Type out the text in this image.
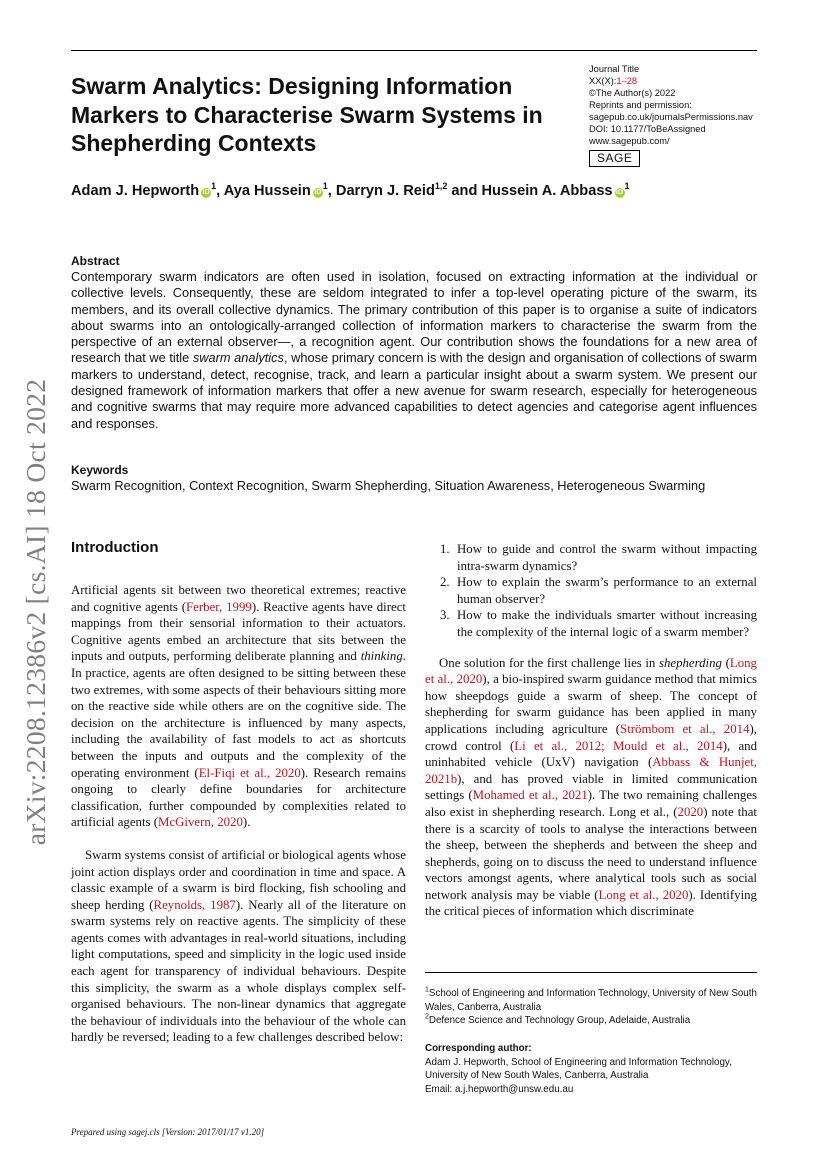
Swarm Analytics: Designing Information Markers to Characterise Swarm Systems in Shepherding Contexts
Journal Title
XX(X):1–28
©The Author(s) 2022
Reprints and permission:
sagepub.co.uk/journalsPermissions.nav
DOI: 10.1177/ToBeAssigned
www.sagepub.com/
SAGE
Adam J. Hepworth $iD^1$, Aya Hussein $iD^1$, Darryn J. Reid$^{1,2}$ and Hussein A. Abbass $iD^1$
Abstract

Contemporary swarm indicators are often used in isolation, focused on extracting information at the individual or collective levels. Consequently, these are seldom integrated to infer a top-level operating picture of the swarm, its members, and its overall collective dynamics. The primary contribution of this paper is to organise a suite of indicators about swarms into an ontologically-arranged collection of information markers to characterise the swarm from the perspective of an external observer—, a recognition agent. Our contribution shows the foundations for a new area of research that we title swarm analytics, whose primary concern is with the design and organisation of collections of swarm markers to understand, detect, recognise, track, and learn a particular insight about a swarm system. We present our designed framework of information markers that offer a new avenue for swarm research, especially for heterogeneous and cognitive swarms that may require more advanced capabilities to detect agencies and categorise agent influences and responses.

Keywords

Swarm Recognition, Context Recognition, Swarm Shepherding, Situation Awareness, Heterogeneous Swarming

arXiv:2208.12386v2 [cs.AI] 18 Oct 2022 Introduction

Artificial agents sit between two theoretical extremes; reactive and cognitive agents (Ferber, 1999). Reactive agents have direct mappings from their sensorial information to their actuators. Cognitive agents embed an architecture that sits between the inputs and outputs, performing deliberate planning and thinking. In practice, agents are often designed to be sitting between these two extremes, with some aspects of their behaviours sitting more on the reactive side while others are on the cognitive side. The decision on the architecture is influenced by many aspects, including the availability of fast models to act as shortcuts between the inputs and outputs and the complexity of the operating environment (El-Fiqi et al., 2020). Research remains ongoing to clearly define boundaries for architecture classification, further compounded by complexities related to artificial agents (McGivern, 2020).

Swarm systems consist of artificial or biological agents whose joint action displays order and coordination in time and space. A classic example of a swarm is bird flocking, fish schooling and sheep herding (Reynolds, 1987). Nearly all of the literature on swarm systems rely on reactive agents. The simplicity of these agents comes with advantages in real-world situations, including light computations, speed and simplicity in the logic used inside each agent for transparency of individual behaviours. Despite this simplicity, the swarm as a whole displays complex self-organised behaviours. The non-linear dynamics that aggregate the behaviour of individuals into the behaviour of the whole can hardly be reversed; leading to a few challenges described below:

1. How to guide and control the swarm without impacting intra-swarm dynamics?
2. How to explain the swarm’s performance to an external human observer?
3. How to make the individuals smarter without increasing the complexity of the internal logic of a swarm member?

One solution for the first challenge lies in shepherding (Long et al., 2020), a bio-inspired swarm guidance method that mimics how sheepdogs guide a swarm of sheep. The concept of shepherding for swarm guidance has been applied in many applications including agriculture (Strömbom et al., 2014), crowd control (Li et al., 2012; Mould et al., 2014), and uninhabited vehicle (UxV) navigation (Abbass & Hunjet, 2021b), and has proved viable in limited communication settings (Mohamed et al., 2021). The two remaining challenges also exist in shepherding research. Long et al., (2020) note that there is a scarcity of tools to analyse the interactions between the sheep, between the shepherds and between the sheep and shepherds, going on to discuss the need to understand influence vectors amongst agents, where analytical tools such as social network analysis may be viable (Long et al., 2020). Identifying the critical pieces of information which discriminate

$^1$School of Engineering and Information Technology, University of New South Wales, Canberra, Australia
$^2$Defence Science and Technology Group, Adelaide, Australia
Corresponding author:
Adam J. Hepworth, School of Engineering and Information Technology, University of New South Wales, Canberra, Australia
Email: a.j.hepworth@unsw.edu.au
Prepared using sagej.cls [Version: 2017/01/17 v1.20]
